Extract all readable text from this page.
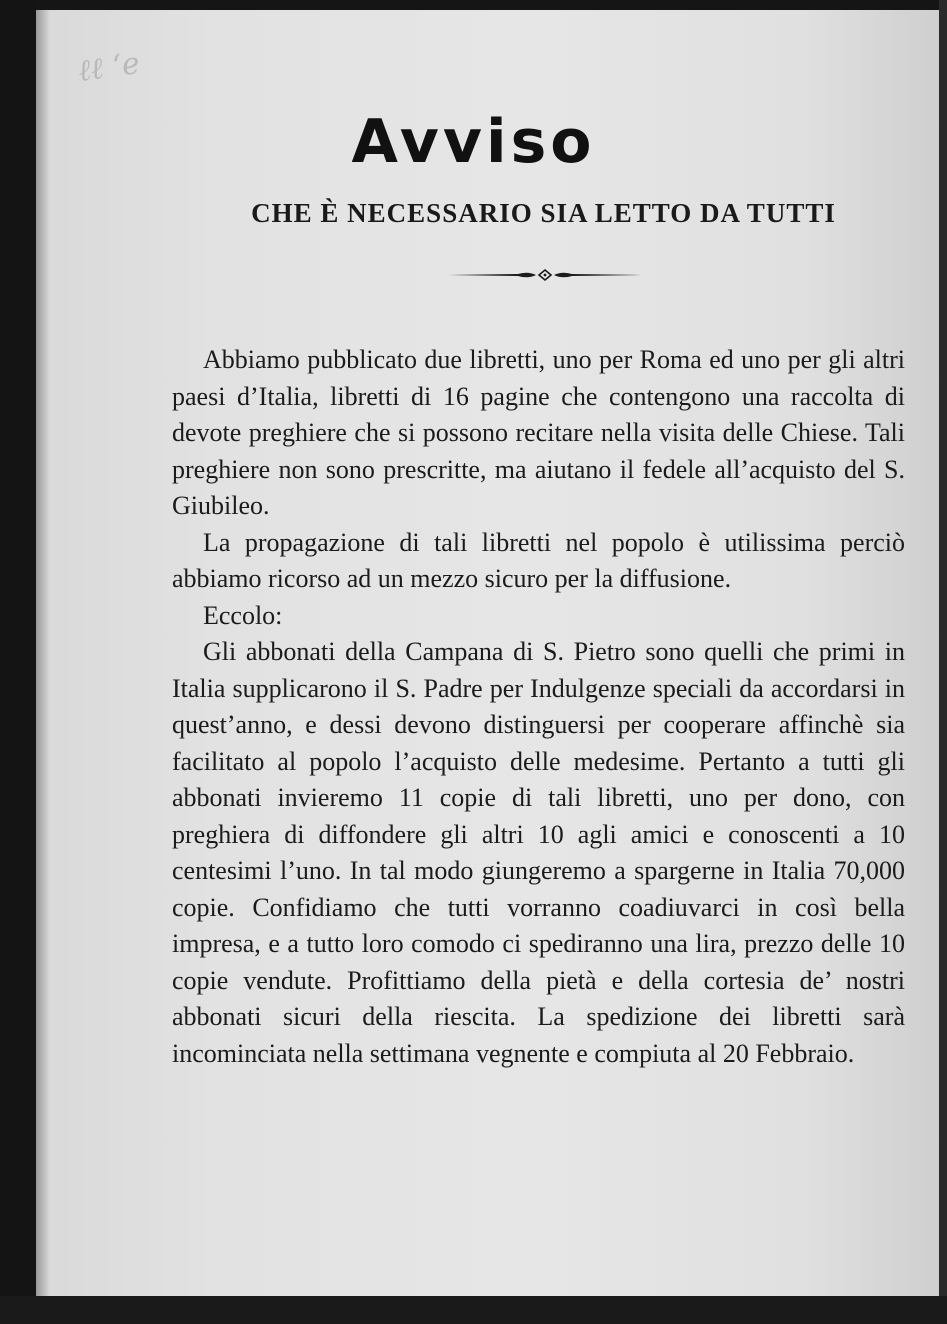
ℓℓ ‘e
Avviso
CHE È NECESSARIO SIA LETTO DA TUTTI

Abbiamo pubblicato due libretti, uno per Roma ed uno per gli altri paesi d’Italia, libretti di 16 pagine che contengono una raccolta di devote preghiere che si possono recitare nella visita delle Chiese. Tali preghiere non sono prescritte, ma aiutano il fedele all’acquisto del S. Giubileo.

La propagazione di tali libretti nel popolo è utilissima perciò abbiamo ricorso ad un mezzo sicuro per la diffusione.

Eccolo:

Gli abbonati della Campana di S. Pietro sono quelli che primi in Italia supplicarono il S. Padre per Indulgenze speciali da accordarsi in quest’anno, e dessi devono distinguersi per cooperare affinchè sia facilitato al popolo l’acquisto delle medesime. Pertanto a tutti gli abbonati invieremo 11 copie di tali libretti, uno per dono, con preghiera di diffondere gli altri 10 agli amici e conoscenti a 10 centesimi l’uno. In tal modo giungeremo a spargerne in Italia 70,000 copie. Confidiamo che tutti vorranno coadiuvarci in così bella impresa, e a tutto loro comodo ci spediranno una lira, prezzo delle 10 copie vendute. Profittiamo della pietà e della cortesia de’ nostri abbonati sicuri della riescita. La spedizione dei libretti sarà incominciata nella settimana vegnente e compiuta al 20 Febbraio.
